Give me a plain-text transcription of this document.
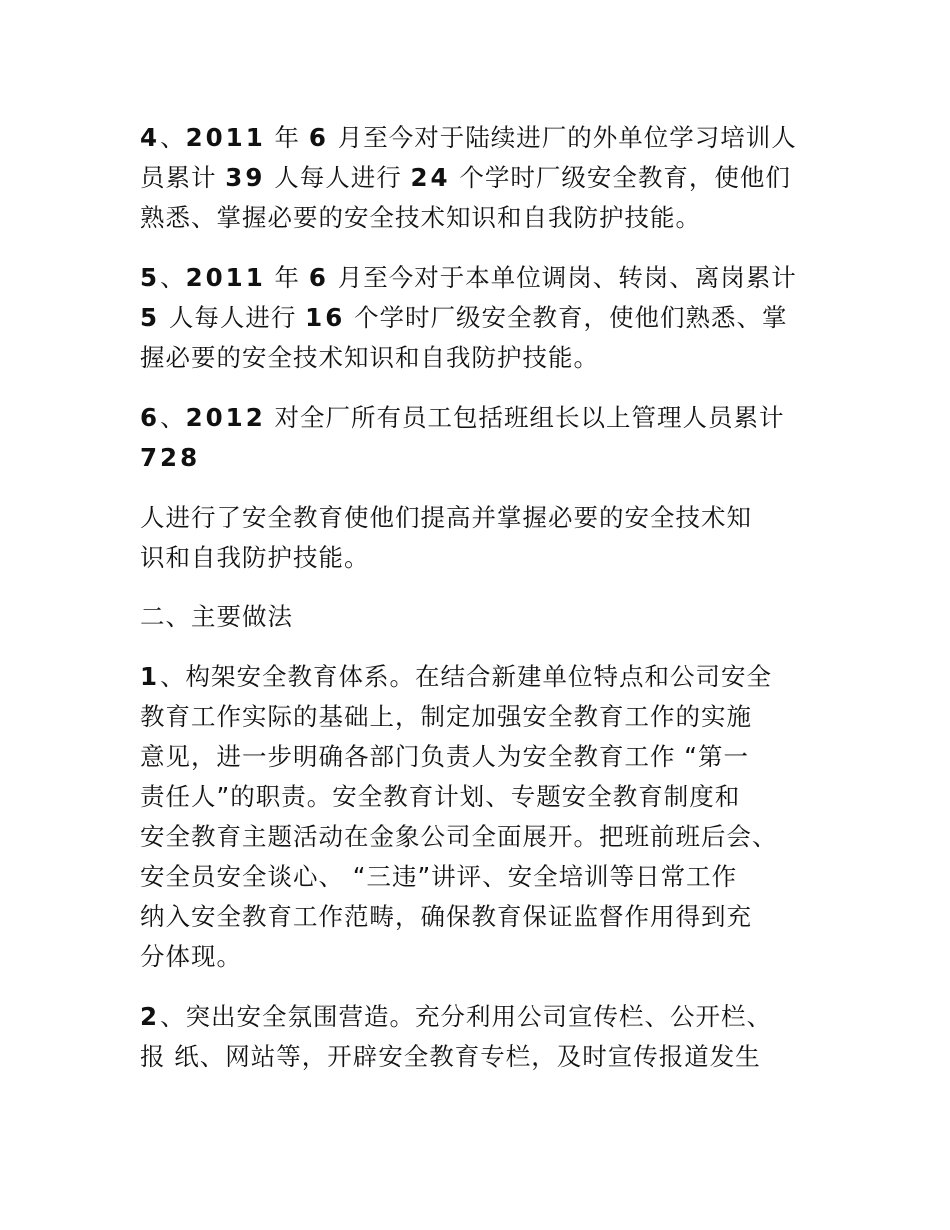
4、2011 年 6 月至今对于陆续进厂的外单位学习培训人
员累计 39 人每人进行 24 个学时厂级安全教育，使他们
熟悉、掌握必要的安全技术知识和自我防护技能。
5、2011 年 6 月至今对于本单位调岗、转岗、离岗累计
5 人每人进行 16 个学时厂级安全教育，使他们熟悉、掌
握必要的安全技术知识和自我防护技能。
6、2012 对全厂所有员工包括班组长以上管理人员累计
728
人进行了安全教育使他们提高并掌握必要的安全技术知
识和自我防护技能。
二、主要做法
1、构架安全教育体系。在结合新建单位特点和公司安全
教育工作实际的基础上，制定加强安全教育工作的实施
意见，进一步明确各部门负责人为安全教育工作 “第一
责任人”的职责。安全教育计划、专题安全教育制度和
安全教育主题活动在金象公司全面展开。把班前班后会、
安全员安全谈心、 “三违”讲评、安全培训等日常工作
纳入安全教育工作范畴，确保教育保证监督作用得到充
分体现。
2、突出安全氛围营造。充分利用公司宣传栏、公开栏、
报 纸、网站等，开辟安全教育专栏，及时宣传报道发生
